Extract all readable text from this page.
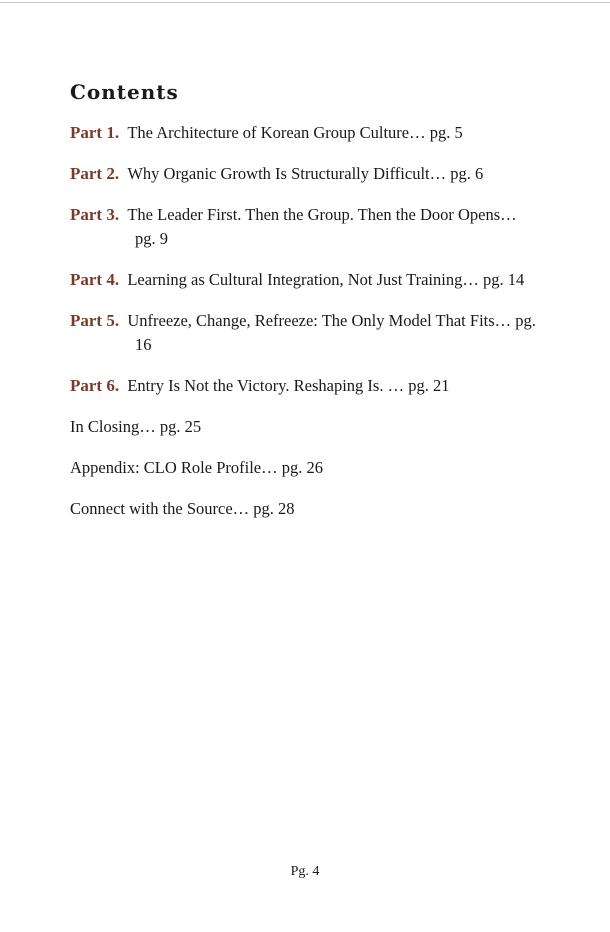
Contents
Part 1. The Architecture of Korean Group Culture… pg. 5
Part 2. Why Organic Growth Is Structurally Difficult… pg. 6
Part 3. The Leader First. Then the Group. Then the Door Opens… pg. 9
Part 4. Learning as Cultural Integration, Not Just Training… pg. 14
Part 5. Unfreeze, Change, Refreeze: The Only Model That Fits… pg. 16
Part 6. Entry Is Not the Victory. Reshaping Is. … pg. 21
In Closing… pg. 25
Appendix: CLO Role Profile… pg. 26
Connect with the Source… pg. 28
Pg. 4
